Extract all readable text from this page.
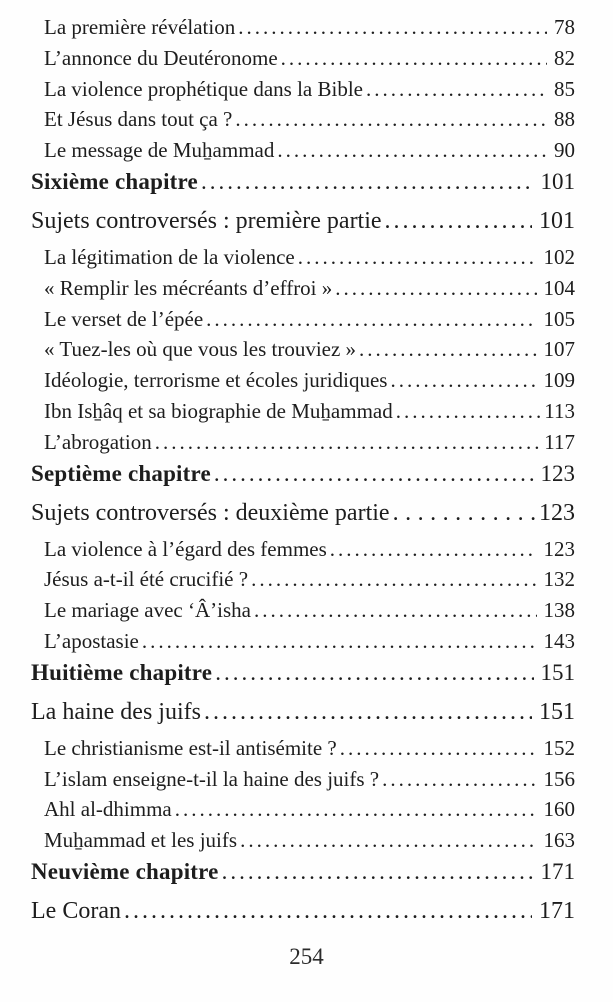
La première révélation .....	78
L’annonce du Deutéronome .....	82
La violence prophétique dans la Bible .....	85
Et Jésus dans tout ça ? .....	88
Le message de Muẖammad .....	90
Sixième chapitre .....	101
Sujets controversés : première partie .....	101
La légitimation de la violence .....	102
« Remplir les mécréants d’effroi » .....	104
Le verset de l’épée .....	105
« Tuez-les où que vous les trouviez » .....	107
Idéologie, terrorisme et écoles juridiques .....	109
Ibn Isẖâq et sa biographie de Muẖammad .....	113
L’abrogation .....	117
Septième chapitre .....	123
Sujets controversés : deuxième partie .....	123
La violence à l’égard des femmes .....	123
Jésus a-t-il été crucifié ? .....	132
Le mariage avec ‘Â’isha .....	138
L’apostasie .....	143
Huitième chapitre .....	151
La haine des juifs .....	151
Le christianisme est-il antisémite ? .....	152
L’islam enseigne-t-il la haine des juifs ? .....	156
Ahl al-dhimma .....	160
Muẖammad et les juifs .....	163
Neuvième chapitre .....	171
Le Coran .....	171
254
